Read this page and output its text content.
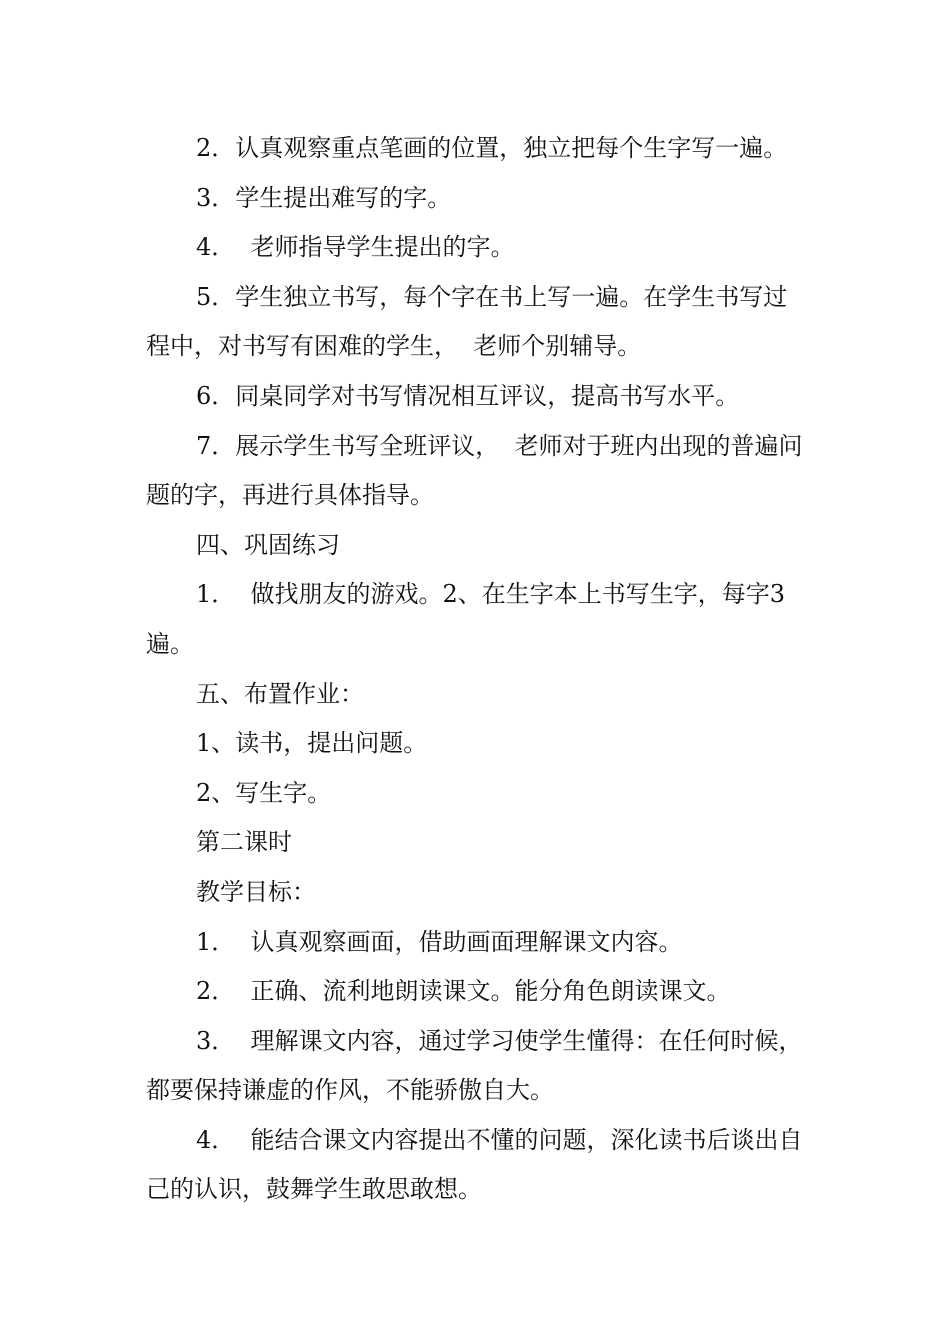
2．认真观察重点笔画的位置，独立把每个生字写一遍。

3．学生提出难写的字。

4．  老师指导学生提出的字。

5．学生独立书写，每个字在书上写一遍。在学生书写过程中，对书写有困难的学生，  老师个别辅导。

6．同桌同学对书写情况相互评议，提高书写水平。

7．展示学生书写全班评议，  老师对于班内出现的普遍问题的字，再进行具体指导。

四、巩固练习

1．  做找朋友的游戏。2、在生字本上书写生字，每字3遍。

五、布置作业：

1、读书，提出问题。

2、写生字。

第二课时

教学目标：

1．  认真观察画面，借助画面理解课文内容。

2．  正确、流利地朗读课文。能分角色朗读课文。

3．  理解课文内容，通过学习使学生懂得：在任何时候，都要保持谦虚的作风，不能骄傲自大。

4．  能结合课文内容提出不懂的问题，深化读书后谈出自己的认识，鼓舞学生敢思敢想。
